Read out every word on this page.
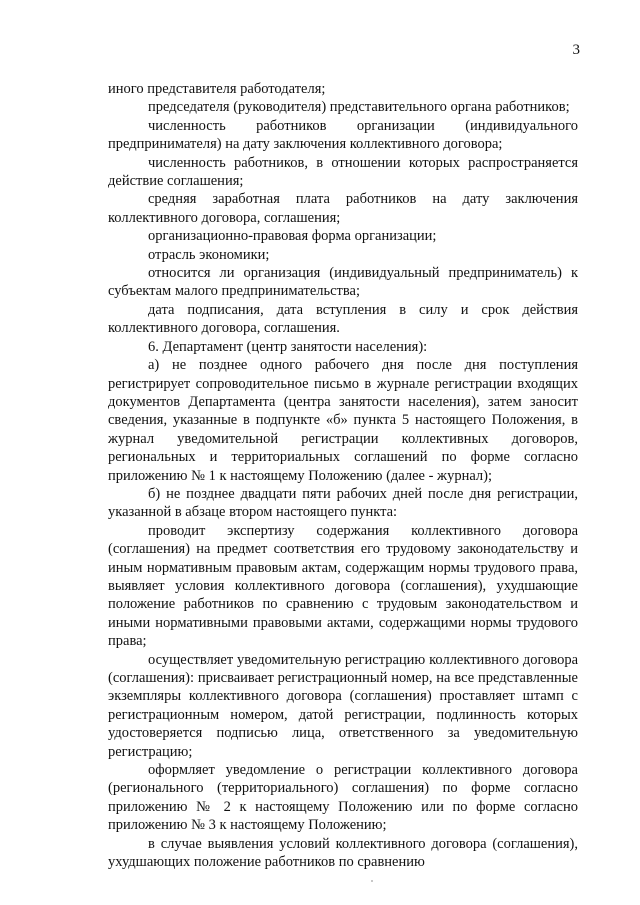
3

иного представителя работодателя;

председателя (руководителя) представительного органа работников;

численность работников организации (индивидуального предпринимателя) на дату заключения коллективного договора;

численность работников, в отношении которых распространяется действие соглашения;

средняя заработная плата работников на дату заключения коллективного договора, соглашения;

организационно-правовая форма организации;

отрасль экономики;

относится ли организация (индивидуальный предприниматель) к субъектам малого предпринимательства;

дата подписания, дата вступления в силу и срок действия коллективного договора, соглашения.

6. Департамент (центр занятости населения):

а) не позднее одного рабочего дня после дня поступления регистрирует сопроводительное письмо в журнале регистрации входящих документов Департамента (центра занятости населения), затем заносит сведения, указанные в подпункте «б» пункта 5 настоящего Положения, в журнал уведомительной регистрации коллективных договоров, региональных и территориальных соглашений по форме согласно приложению № 1 к настоящему Положению (далее - журнал);

б) не позднее двадцати пяти рабочих дней после дня регистрации, указанной в абзаце втором настоящего пункта:

проводит экспертизу содержания коллективного договора (соглашения) на предмет соответствия его трудовому законодательству и иным нормативным правовым актам, содержащим нормы трудового права, выявляет условия коллективного договора (соглашения), ухудшающие положение работников по сравнению с трудовым законодательством и иными нормативными правовыми актами, содержащими нормы трудового права;

осуществляет уведомительную регистрацию коллективного договора (соглашения): присваивает регистрационный номер, на все представленные экземпляры коллективного договора (соглашения) проставляет штамп с регистрационным номером, датой регистрации, подлинность которых удостоверяется подписью лица, ответственного за уведомительную регистрацию;

оформляет уведомление о регистрации коллективного договора (регионального (территориального) соглашения) по форме согласно приложению № 2 к настоящему Положению или по форме согласно приложению № 3 к настоящему Положению;

в случае выявления условий коллективного договора (соглашения), ухудшающих положение работников по сравнению
